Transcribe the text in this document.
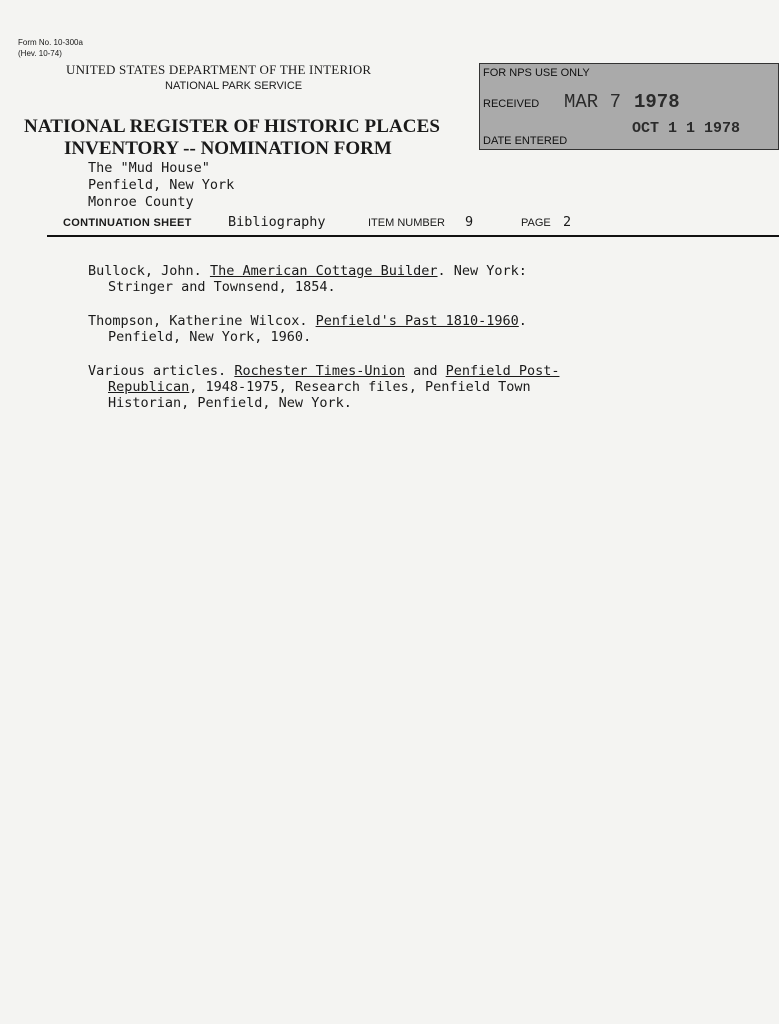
Form No. 10-300a
(Hev. 10-74)
UNITED STATES DEPARTMENT OF THE INTERIOR
NATIONAL PARK SERVICE
NATIONAL REGISTER OF HISTORIC PLACES
INVENTORY -- NOMINATION FORM
FOR NPS USE ONLY
RECEIVED MAR 7 1978
DATE ENTERED
OCT 1 1 1978
The "Mud House"
Penfield, New York
Monroe County
CONTINUATION SHEET	Bibliography	ITEM NUMBER 9	PAGE 2
Bullock, John. The American Cottage Builder. New York:
Stringer and Townsend, 1854.
Thompson, Katherine Wilcox. Penfield's Past 1810-1960.
Penfield, New York, 1960.
Various articles. Rochester Times-Union and Penfield Post-
Republican, 1948-1975, Research files, Penfield Town
Historian, Penfield, New York.
